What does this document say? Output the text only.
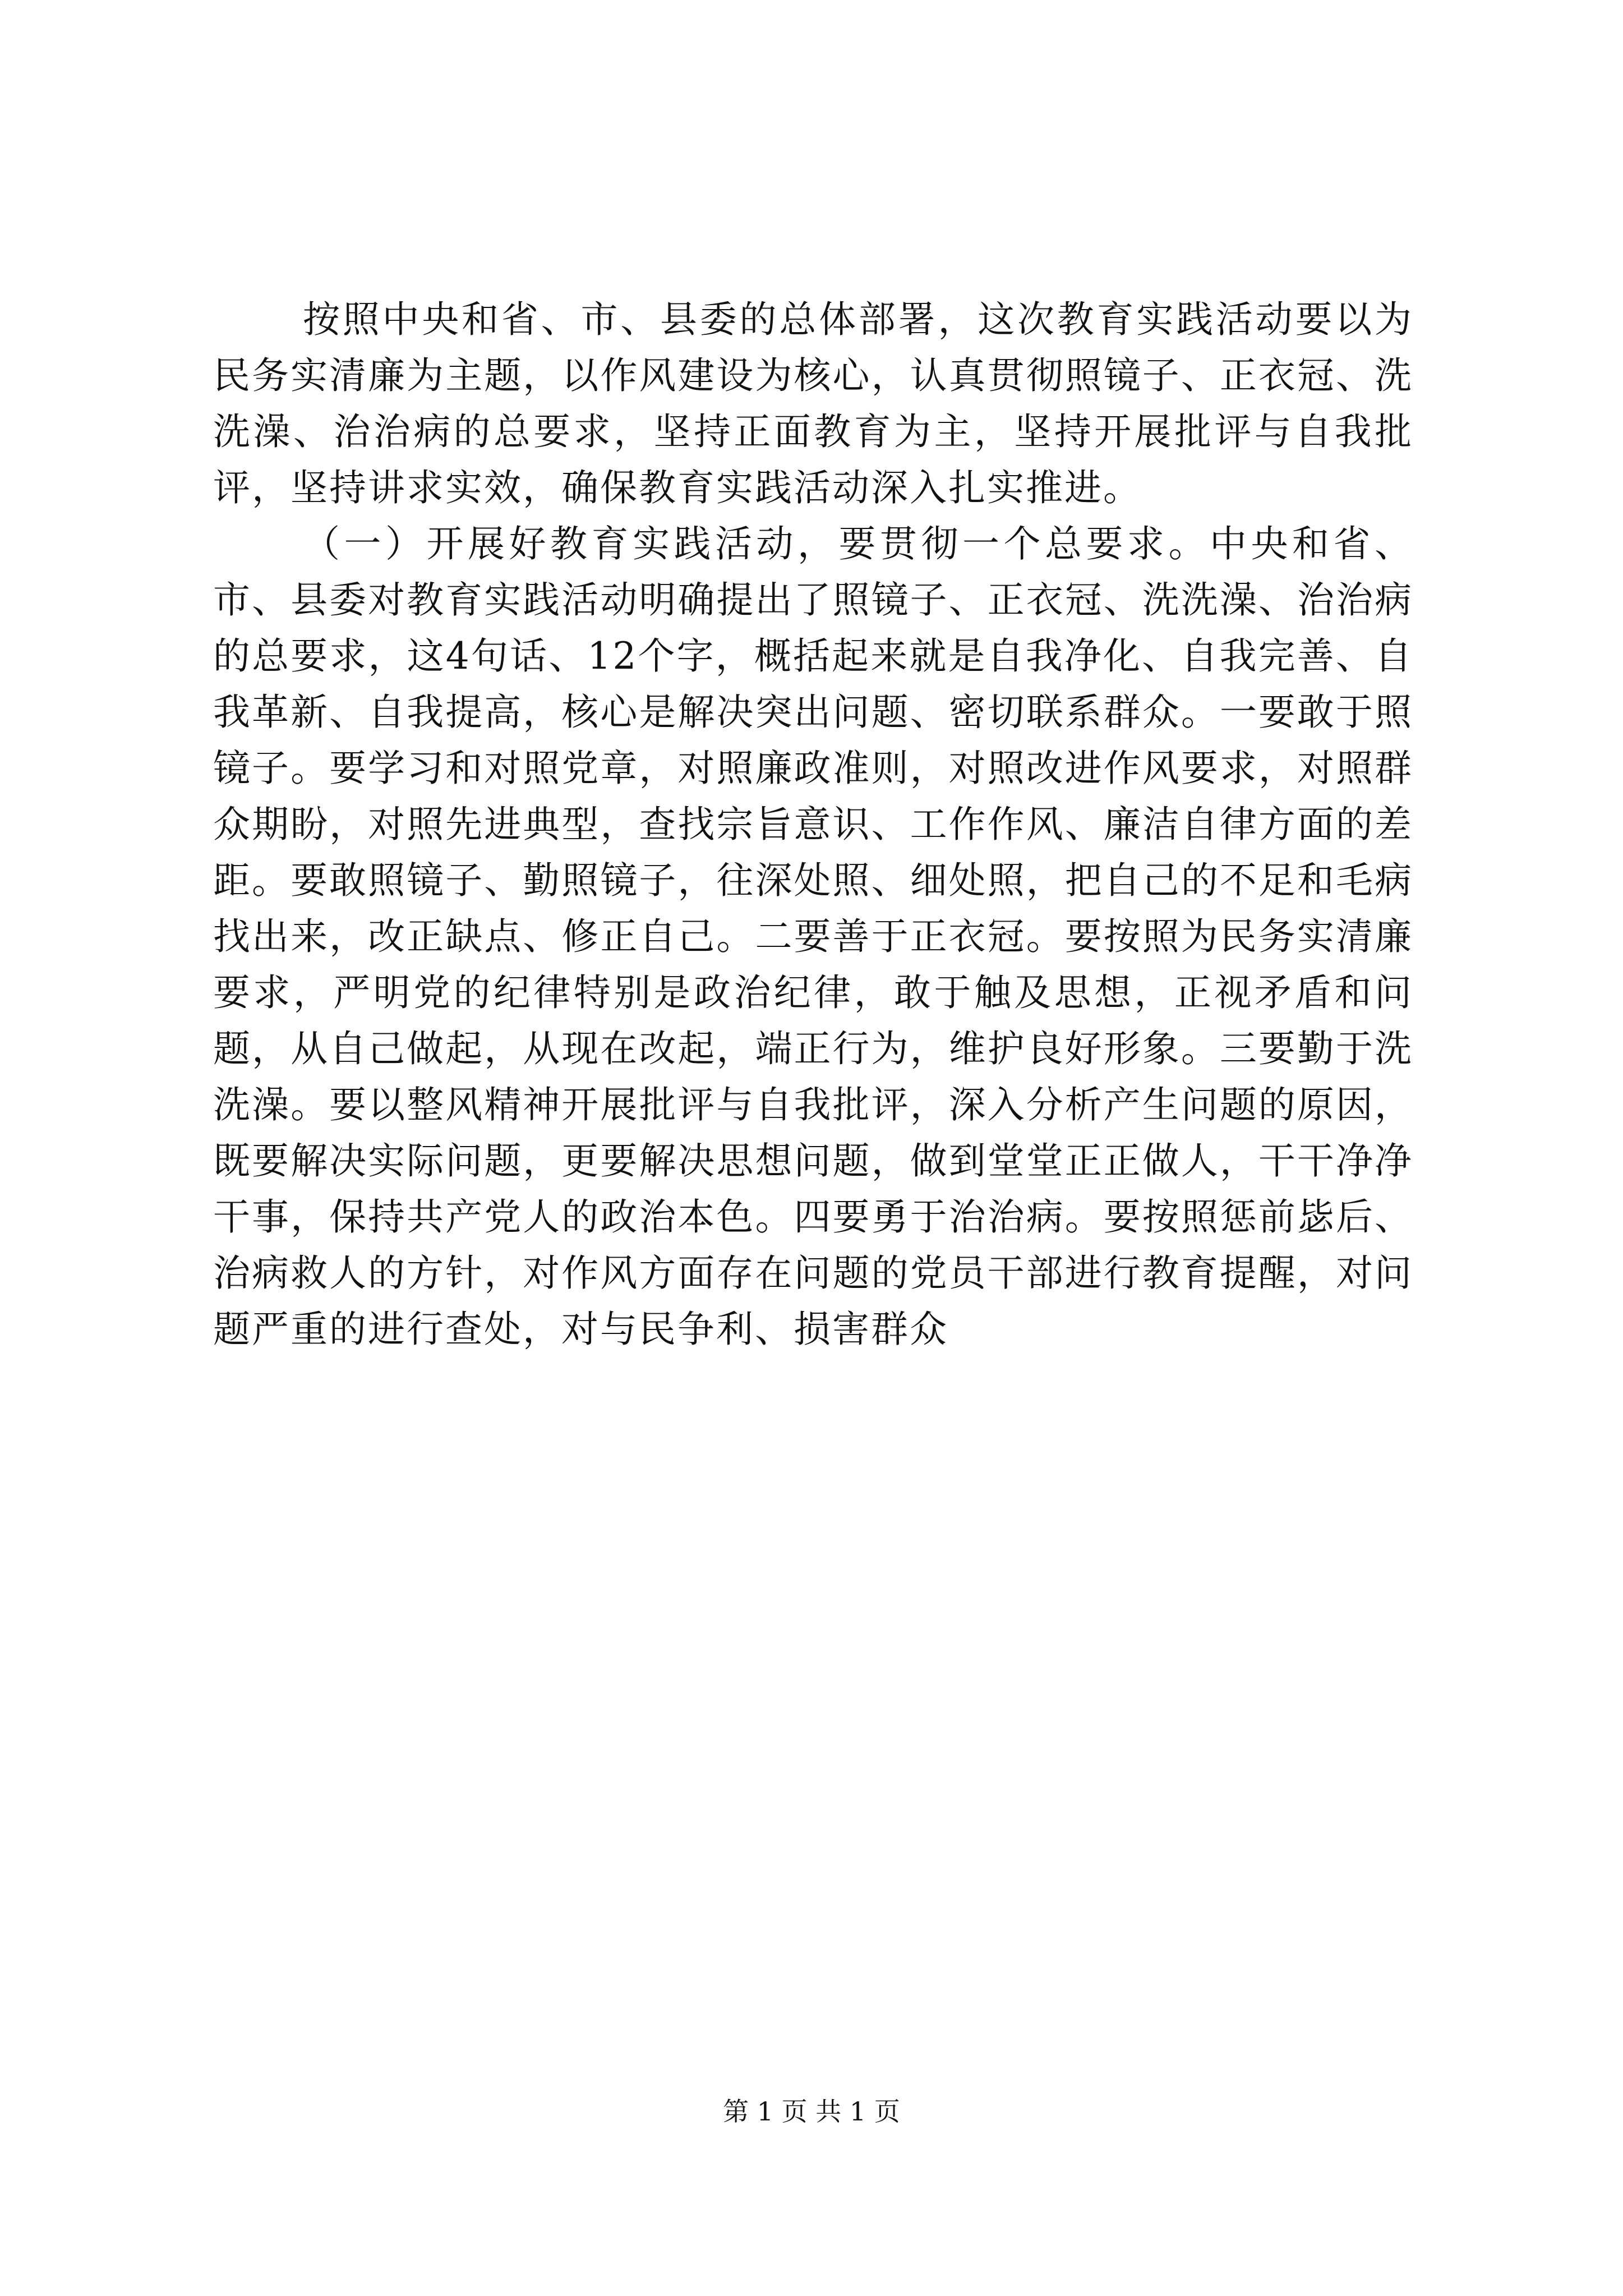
按照中央和省、市、县委的总体部署，这次教育实践活动要以为民务实清廉为主题，以作风建设为核心，认真贯彻照镜子、正衣冠、洗洗澡、治治病的总要求，坚持正面教育为主，坚持开展批评与自我批评，坚持讲求实效，确保教育实践活动深入扎实推进。

（一）开展好教育实践活动，要贯彻一个总要求。中央和省、市、县委对教育实践活动明确提出了照镜子、正衣冠、洗洗澡、治治病的总要求，这4句话、12个字，概括起来就是自我净化、自我完善、自我革新、自我提高，核心是解决突出问题、密切联系群众。一要敢于照镜子。要学习和对照党章，对照廉政准则，对照改进作风要求，对照群众期盼，对照先进典型，查找宗旨意识、工作作风、廉洁自律方面的差距。要敢照镜子、勤照镜子，往深处照、细处照，把自己的不足和毛病找出来，改正缺点、修正自己。二要善于正衣冠。要按照为民务实清廉要求，严明党的纪律特别是政治纪律，敢于触及思想，正视矛盾和问题，从自己做起，从现在改起，端正行为，维护良好形象。三要勤于洗洗澡。要以整风精神开展批评与自我批评，深入分析产生问题的原因，既要解决实际问题，更要解决思想问题，做到堂堂正正做人，干干净净干事，保持共产党人的政治本色。四要勇于治治病。要按照惩前毖后、治病救人的方针，对作风方面存在问题的党员干部进行教育提醒，对问题严重的进行查处，对与民争利、损害群众

第 1 页 共 1 页
